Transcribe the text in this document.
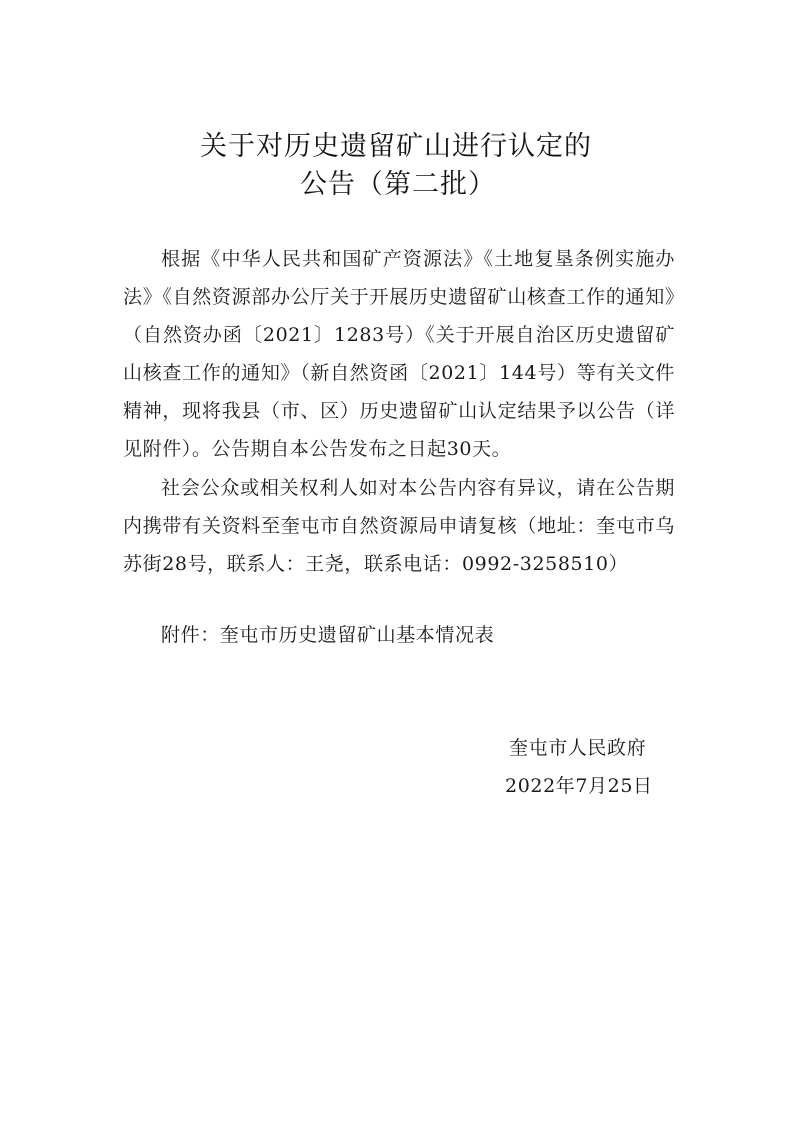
关于对历史遗留矿山进行认定的
公告（第二批）

根据《中华人民共和国矿产资源法》《土地复垦条例实施办法》《自然资源部办公厅关于开展历史遗留矿山核查工作的通知》（自然资办函〔2021〕1283号）《关于开展自治区历史遗留矿山核查工作的通知》（新自然资函〔2021〕144号）等有关文件精神，现将我县（市、区）历史遗留矿山认定结果予以公告（详见附件）。公告期自本公告发布之日起30天。

社会公众或相关权利人如对本公告内容有异议，请在公告期内携带有关资料至奎屯市自然资源局申请复核（地址：奎屯市乌苏街28号，联系人：王尧，联系电话：0992-3258510）

附件：奎屯市历史遗留矿山基本情况表

奎屯市人民政府

2022年7月25日
